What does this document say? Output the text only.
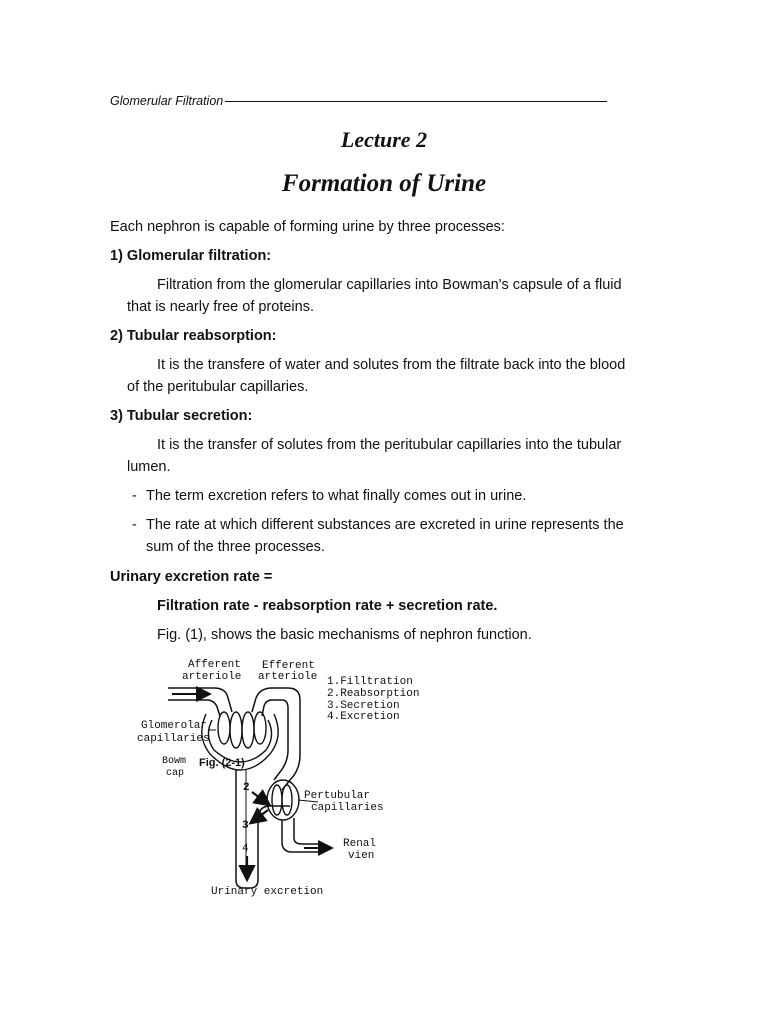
Glomerular Filtration
Lecture 2
Formation of Urine
Each nephron is capable of forming urine by three processes:
1) Glomerular filtration:
Filtration from the glomerular capillaries into Bowman's capsule of a fluid
that is nearly free of proteins.
2) Tubular reabsorption:
It is the transfere of water and solutes from the filtrate back into the blood
of the peritubular capillaries.
3) Tubular secretion:
It is the transfer of solutes from the peritubular capillaries into the tubular
lumen.
- The term excretion refers to what finally comes out in urine.
- The rate at which different substances are excreted in urine represents the
sum of the three processes.
Urinary excretion rate =
Filtration rate - reabsorption rate + secretion rate.
Fig. (1), shows the basic mechanisms of nephron function.
Afferent
arteriole
Efferent
arteriole 1.Filltration
2.Reabsorption
3.Secretion
4.Excretion
Glomerolar
capillaries
Bowm
cap
Fig. (2-1)
2
3
4
Pertubular
capillaries
Renal
vien
Urinary excretion
